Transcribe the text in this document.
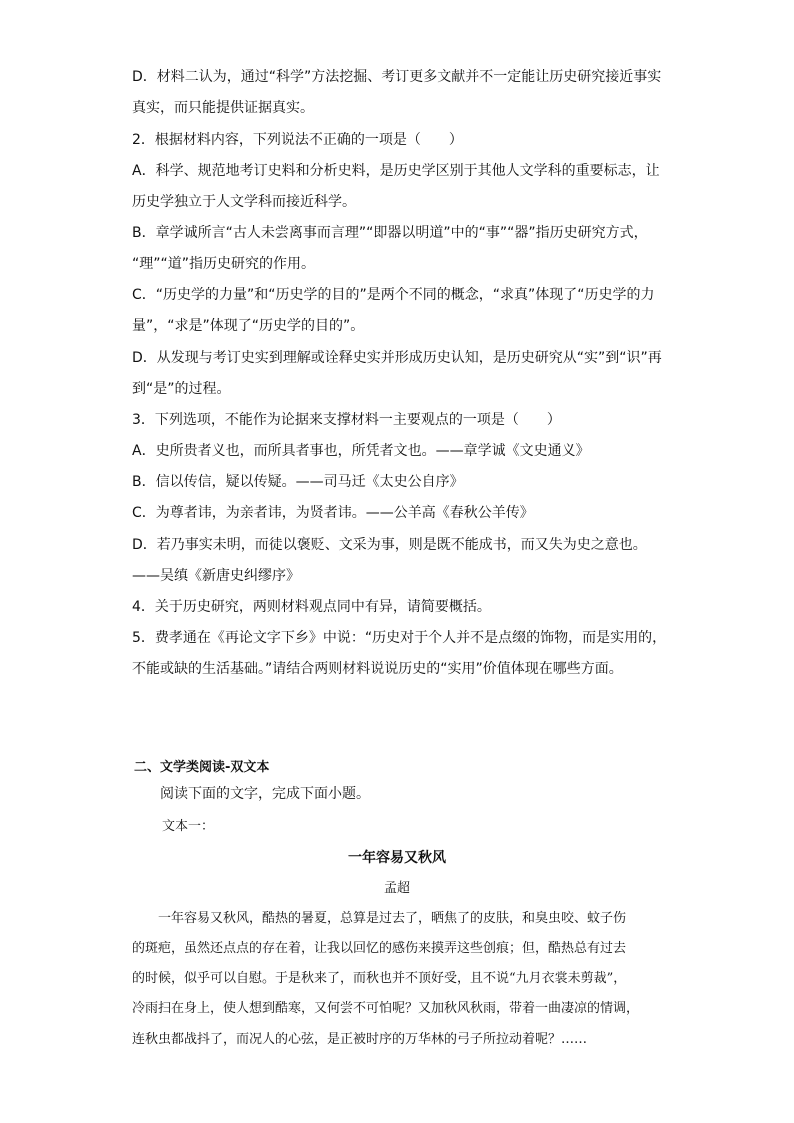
D．材料二认为，通过“科学”方法挖掘、考订更多文献并不一定能让历史研究接近事实
真实，而只能提供证据真实。
2．根据材料内容，下列说法不正确的一项是（　　）
A．科学、规范地考订史料和分析史料，是历史学区别于其他人文学科的重要标志，让
历史学独立于人文学科而接近科学。
B．章学诚所言“古人未尝离事而言理”“即器以明道”中的“事”“器”指历史研究方式，
“理”“道”指历史研究的作用。
C．“历史学的力量”和“历史学的目的”是两个不同的概念，“求真”体现了“历史学的力
量”，“求是”体现了“历史学的目的”。
D．从发现与考订史实到理解或诠释史实并形成历史认知，是历史研究从“实”到“识”再
到“是”的过程。
3．下列选项，不能作为论据来支撑材料一主要观点的一项是（　　）
A．史所贵者义也，而所具者事也，所凭者文也。——章学诚《文史通义》
B．信以传信，疑以传疑。——司马迁《太史公自序》
C．为尊者讳，为亲者讳，为贤者讳。——公羊高《春秋公羊传》
D．若乃事实未明，而徒以褒贬、文采为事，则是既不能成书，而又失为史之意也。
——吴缜《新唐史纠缪序》
4．关于历史研究，两则材料观点同中有异，请简要概括。
5．费孝通在《再论文字下乡》中说：“历史对于个人并不是点缀的饰物，而是实用的，
不能或缺的生活基础。”请结合两则材料说说历史的“实用”价值体现在哪些方面。
二、文学类阅读-双文本
阅读下面的文字，完成下面小题。
文本一：
一年容易又秋风
孟超
　　一年容易又秋风，酷热的暑夏，总算是过去了，晒焦了的皮肤，和臭虫咬、蚊子伤
的斑疤，虽然还点点的存在着，让我以回忆的感伤来摸弄这些创痕；但，酷热总有过去
的时候，似乎可以自慰。于是秋来了，而秋也并不顶好受，且不说“九月衣裳未剪裁”，
冷雨扫在身上，使人想到酷寒，又何尝不可怕呢？又加秋风秋雨，带着一曲凄凉的情调，
连秋虫都战抖了，而况人的心弦，是正被时序的万华林的弓子所拉动着呢？……
